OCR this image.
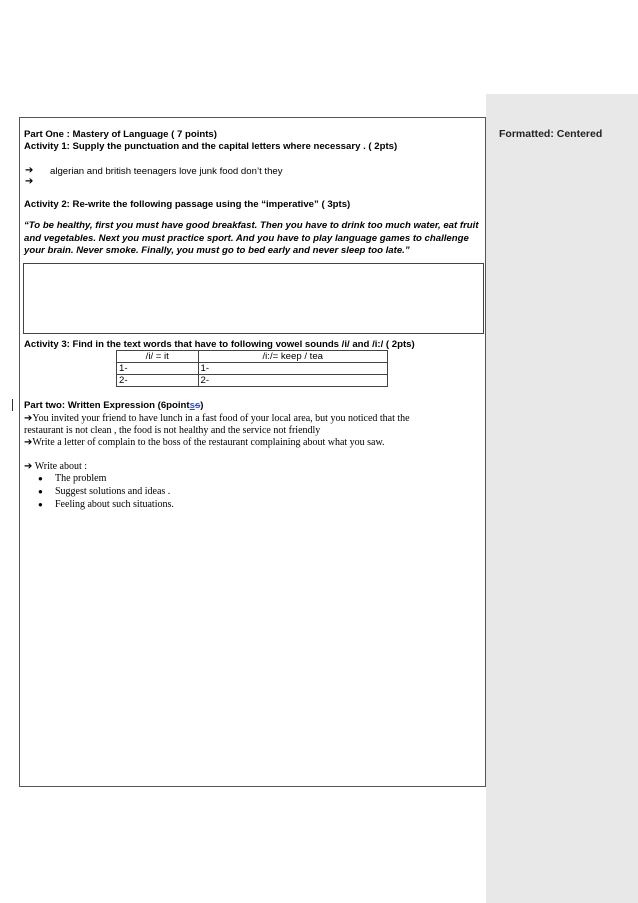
Formatted: Centered
Part One : Mastery of Language ( 7 points)
Activity 1: Supply the punctuation and the capital letters where necessary . ( 2pts)
➔ algerian and british teenagers love junk food don’t they
➔
Activity 2: Re-write the following passage using the “imperative” ( 3pts)
“To be healthy, first you must have good breakfast. Then you have to drink too much water, eat fruit
and vegetables. Next you must practice sport. And you have to play language games to challenge
your brain. Never smoke. Finally, you must go to bed early and never sleep too late.”
Activity 3: Find in the text words that have to following vowel sounds /i/ and /i:/ ( 2pts)
/i/ = it	/i:/= keep / tea
1-	1-
2-	2-
Part two: Written Expression (6pointss)
➔You invited your friend to have lunch in a fast food of your local area, but you noticed that the
restaurant is not clean , the food is not healthy and the service not friendly
➔Write a letter of complain to the boss of the restaurant complaining about what you saw.
➔ Write about :
● The problem
● Suggest solutions and ideas .
● Feeling about such situations.
